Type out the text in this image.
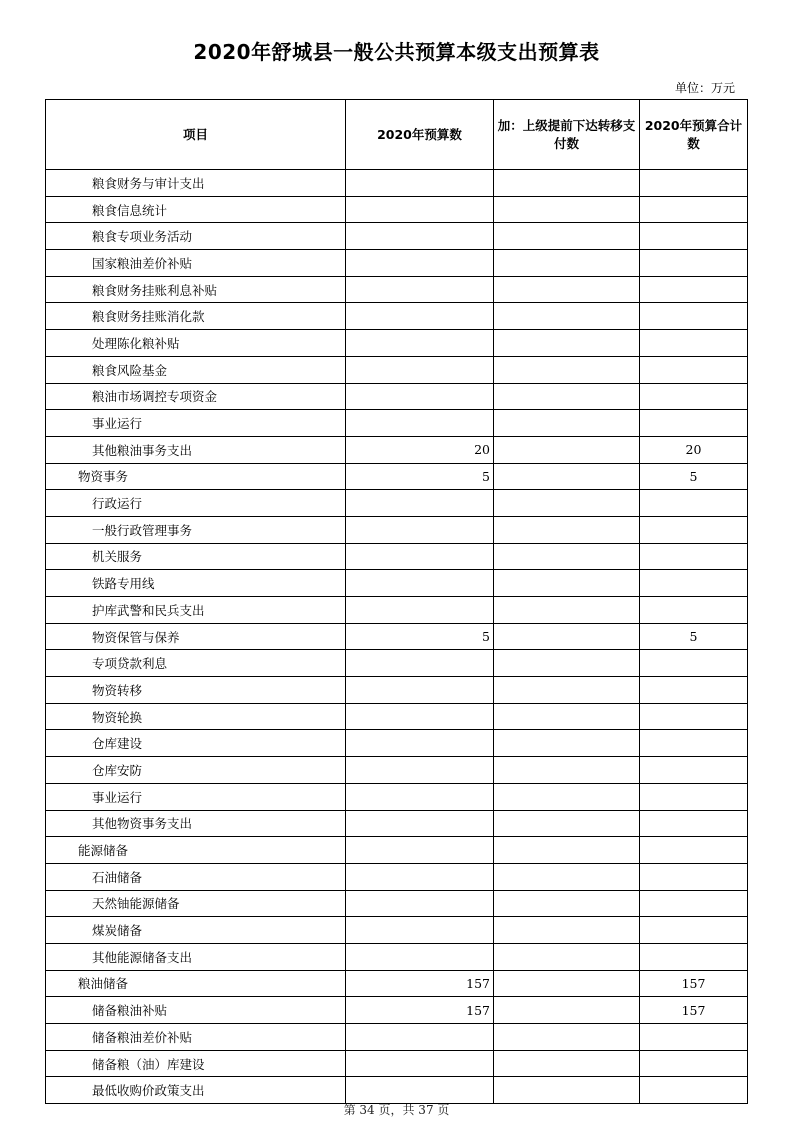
2020年舒城县一般公共预算本级支出预算表
单位：万元
项目	2020年预算数	加：上级提前下达转移支付数	2020年预算合计数
粮食财务与审计支出			
粮食信息统计			
粮食专项业务活动			
国家粮油差价补贴			
粮食财务挂账利息补贴			
粮食财务挂账消化款			
处理陈化粮补贴			
粮食风险基金			
粮油市场调控专项资金			
事业运行			
其他粮油事务支出	20		20
物资事务	5		5
行政运行			
一般行政管理事务			
机关服务			
铁路专用线			
护库武警和民兵支出			
物资保管与保养	5		5
专项贷款利息			
物资转移			
物资轮换			
仓库建设			
仓库安防			
事业运行			
其他物资事务支出			
能源储备			
石油储备			
天然铀能源储备			
煤炭储备			
其他能源储备支出			
粮油储备	157		157
储备粮油补贴	157		157
储备粮油差价补贴			
储备粮（油）库建设			
最低收购价政策支出			
第 34 页，共 37 页
